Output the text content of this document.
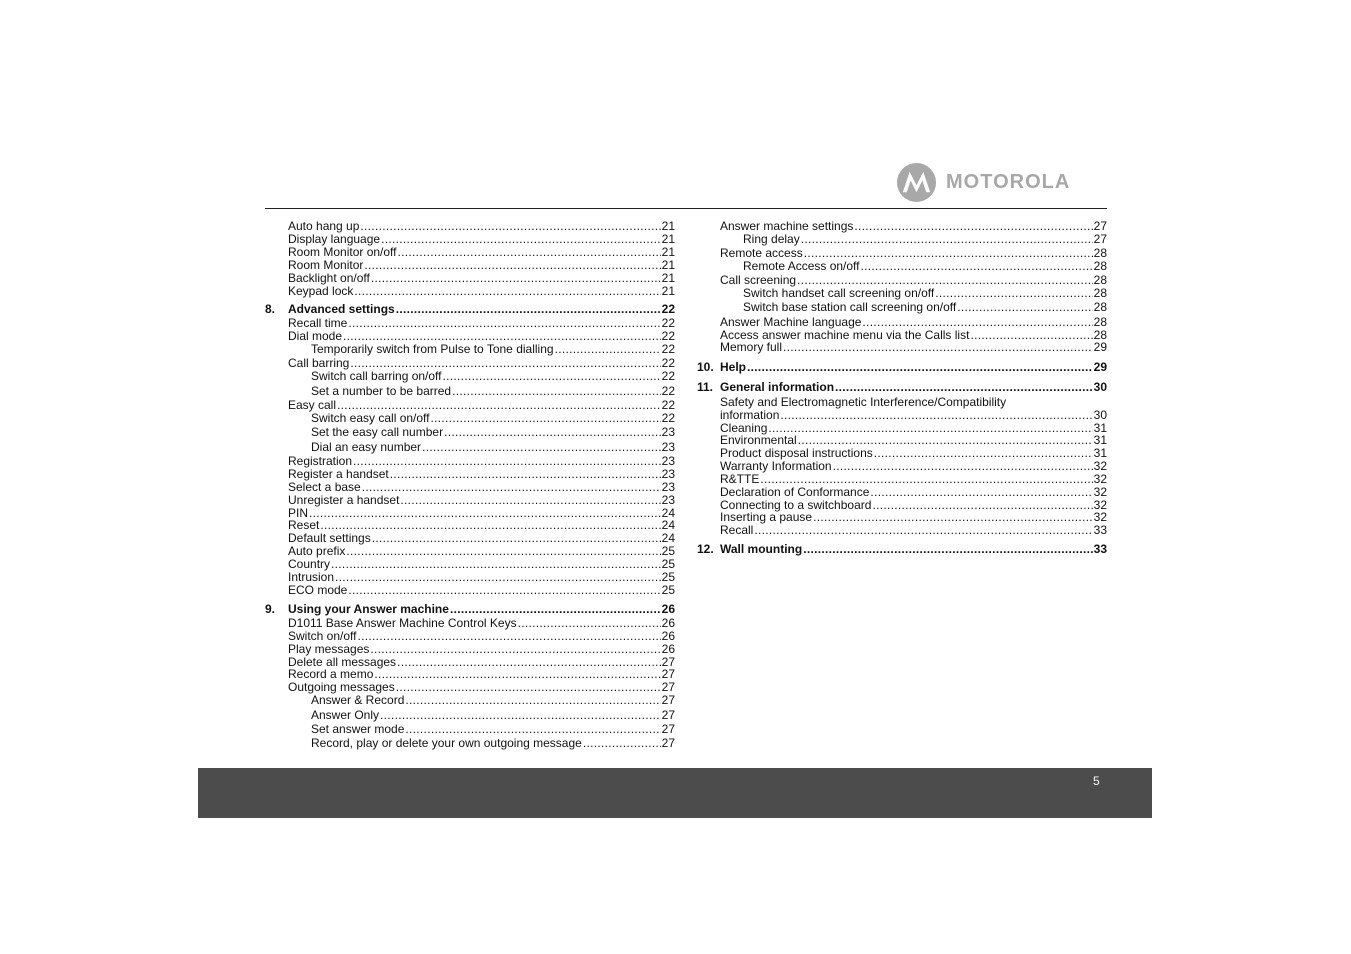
MOTOROLA
Auto hang up .....	21
Display language .....	21
Room Monitor on/off .....	21
Room Monitor .....	21
Backlight on/off .....	21
Keypad lock .....	21
8. Advanced settings .....	22
Recall time .....	22
Dial mode .....	22
Temporarily switch from Pulse to Tone dialling .....	22
Call barring .....	22
Switch call barring on/off .....	22
Set a number to be barred .....	22
Easy call .....	22
Switch easy call on/off .....	22
Set the easy call number .....	23
Dial an easy number .....	23
Registration .....	23
Register a handset .....	23
Select a base .....	23
Unregister a handset .....	23
PIN .....	24
Reset .....	24
Default settings .....	24
Auto prefix .....	25
Country .....	25
Intrusion .....	25
ECO mode .....	25
9. Using your Answer machine .....	26
D1011 Base Answer Machine Control Keys .....	26
Switch on/off .....	26
Play messages .....	26
Delete all messages .....	27
Record a memo .....	27
Outgoing messages .....	27
Answer & Record .....	27
Answer Only .....	27
Set answer mode .....	27
Record, play or delete your own outgoing message .....	27
Answer machine settings .....	27
Ring delay .....	27
Remote access .....	28
Remote Access on/off .....	28
Call screening .....	28
Switch handset call screening on/off .....	28
Switch base station call screening on/off .....	28
Answer Machine language .....	28
Access answer machine menu via the Calls list .....	28
Memory full .....	29
10. Help .....	29
11. General information .....	30
Safety and Electromagnetic Interference/Compatibility
information .....	30
Cleaning .....	31
Environmental .....	31
Product disposal instructions .....	31
Warranty Information .....	32
R&TTE .....	32
Declaration of Conformance .....	32
Connecting to a switchboard .....	32
Inserting a pause .....	32
Recall .....	33
12. Wall mounting .....	33
5
